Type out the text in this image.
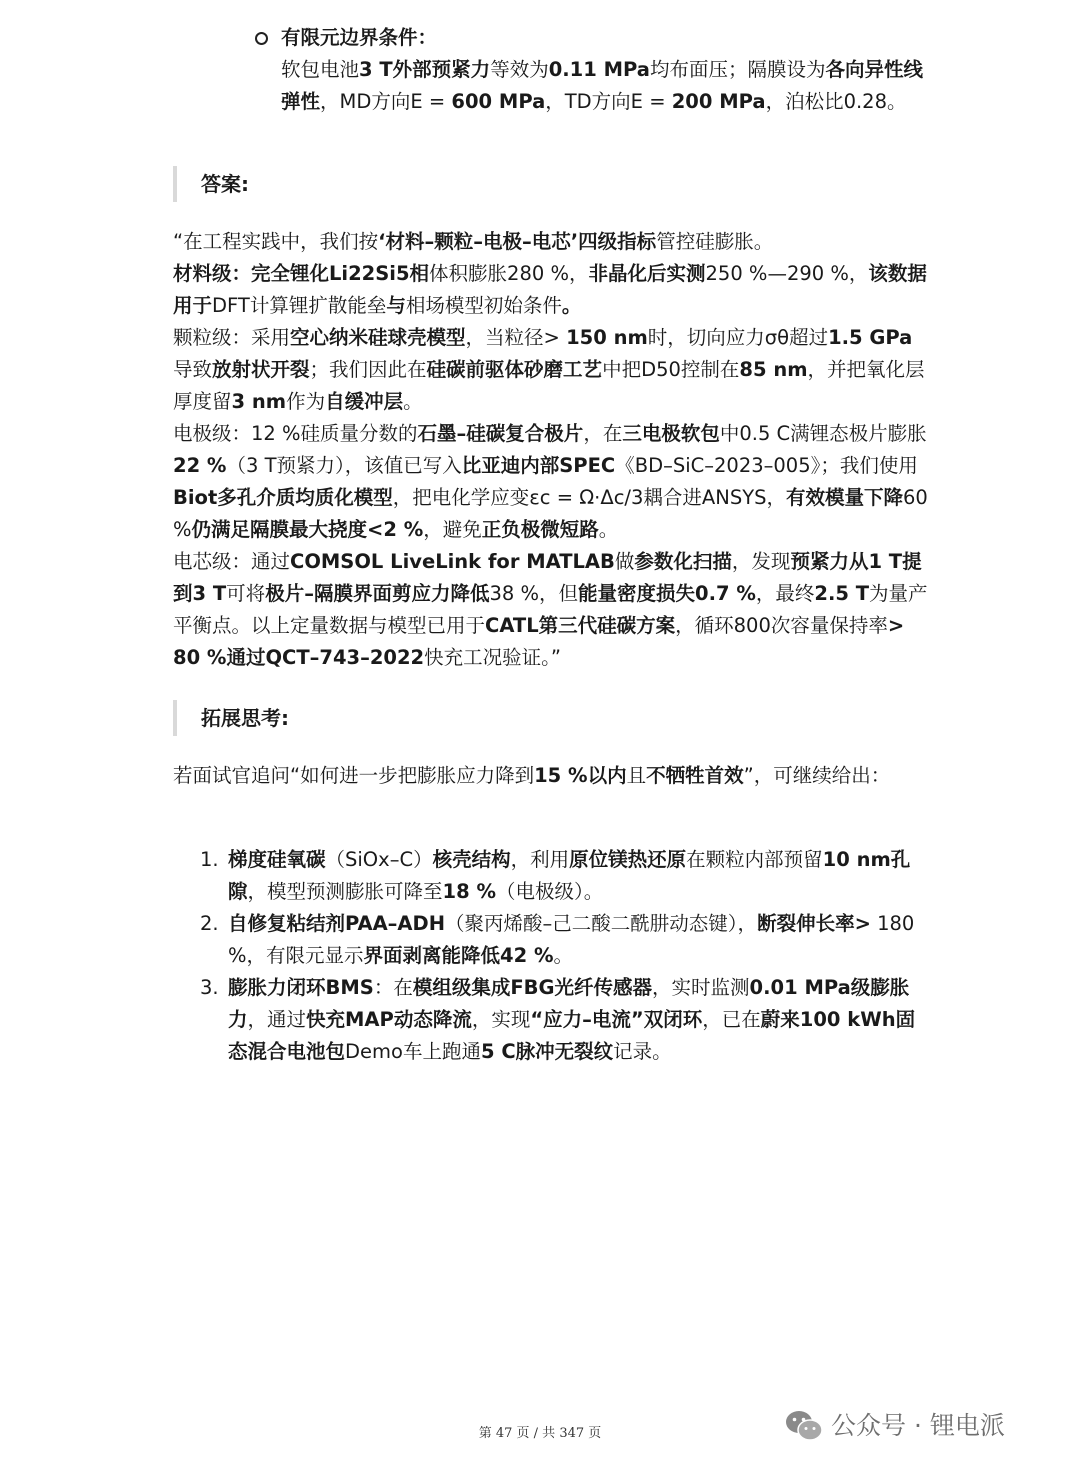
有限元边界条件：
软包电池3 T外部预紧力等效为0.11 MPa均布面压；隔膜设为各向异性线弹性，MD方向E = 600 MPa，TD方向E = 200 MPa，泊松比0.28。
答案:
“在工程实践中，我们按‘材料–颗粒–电极–电芯’四级指标管控硅膨胀。
材料级：完全锂化Li22Si5相体积膨胀280 %，非晶化后实测250 %—290 %，该数据用于DFT计算锂扩散能垒与相场模型初始条件。
颗粒级：采用空心纳米硅球壳模型，当粒径> 150 nm时，切向应力σθ超过1.5 GPa导致放射状开裂；我们因此在硅碳前驱体砂磨工艺中把D50控制在85 nm，并把氧化层厚度留3 nm作为自缓冲层。
电极级：12 %硅质量分数的石墨–硅碳复合极片，在三电极软包中0.5 C满锂态极片膨胀22 %（3 T预紧力），该值已写入比亚迪内部SPEC《BD–SiC–2023–005》；我们使用Biot多孔介质均质化模型，把电化学应变εc = Ω·Δc/3耦合进ANSYS，有效模量下降60 %仍满足隔膜最大挠度<2 %，避免正负极微短路。
电芯级：通过COMSOL LiveLink for MATLAB做参数化扫描，发现预紧力从1 T提到3 T可将极片–隔膜界面剪应力降低38 %，但能量密度损失0.7 %，最终2.5 T为量产平衡点。以上定量数据与模型已用于CATL第三代硅碳方案，循环800次容量保持率> 80 %通过QCT–743–2022快充工况验证。”
拓展思考:
若面试官追问“如何进一步把膨胀应力降到15 %以内且不牺牲首效”，可继续给出：
1. 梯度硅氧碳（SiOx–C）核壳结构，利用原位镁热还原在颗粒内部预留10 nm孔隙，模型预测膨胀可降至18 %（电极级）。
2. 自修复粘结剂PAA–ADH（聚丙烯酸–己二酸二酰肼动态键），断裂伸长率> 180 %，有限元显示界面剥离能降低42 %。
3. 膨胀力闭环BMS：在模组级集成FBG光纤传感器，实时监测0.01 MPa级膨胀力，通过快充MAP动态降流，实现“应力–电流”双闭环，已在蔚来100 kWh固态混合电池包Demo车上跑通5 C脉冲无裂纹记录。
第 47 页 / 共 347 页	公众号 · 锂电派
